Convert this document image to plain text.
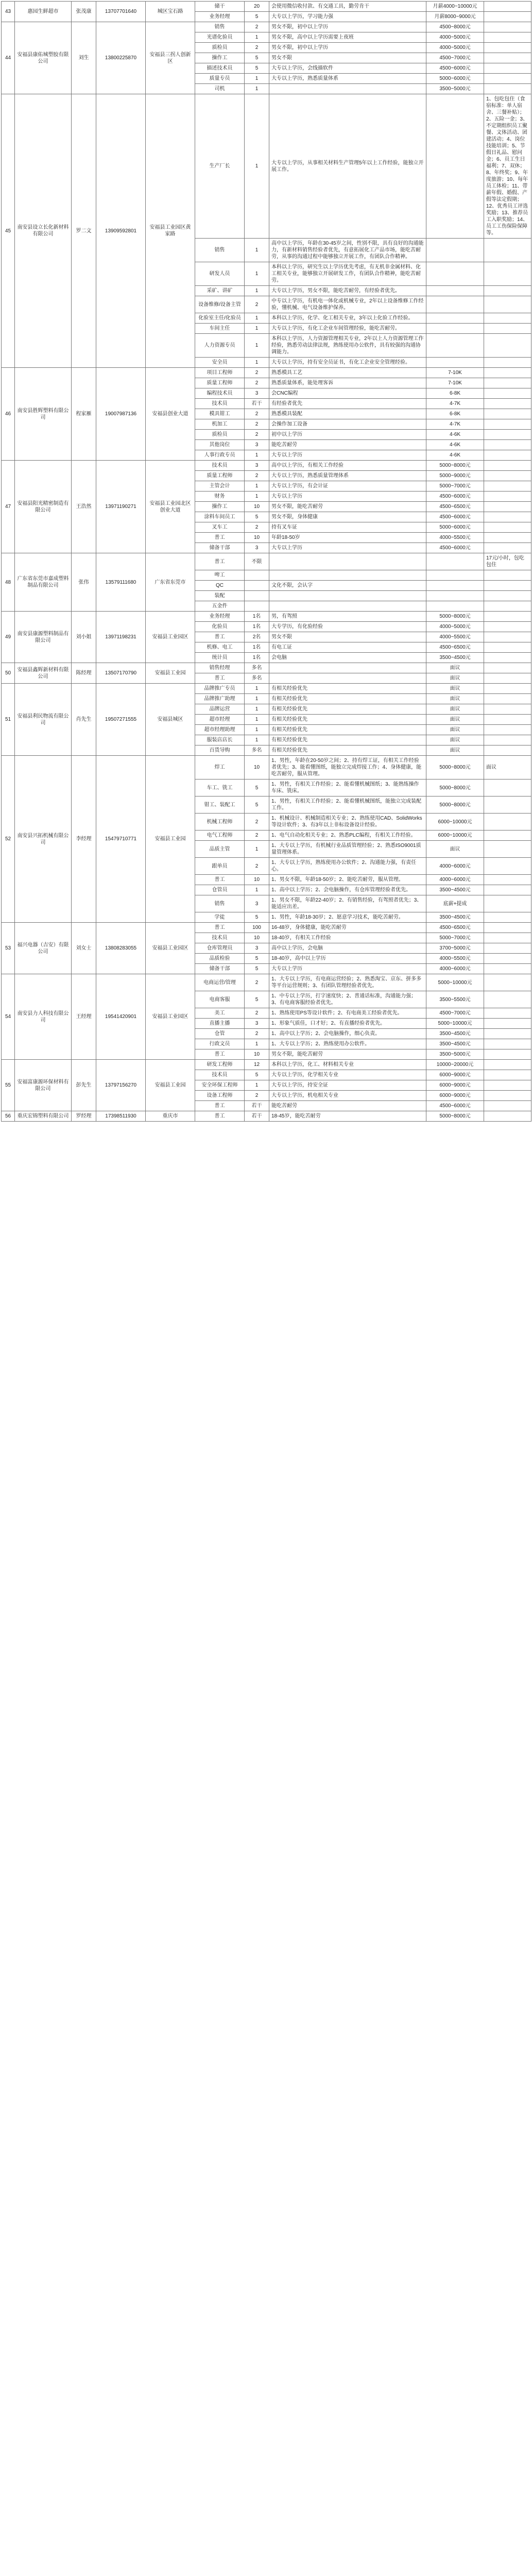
43	惠园生鲜超市	张茂康	13707701640	城区宝石路	储干	20	会使用微信收付款、有交通工具，勤劳肯干	月薪4000~10000元	
					业务经理	5	大专以上学历，学习能力强	月薪8000~9000元	
44	安福县康佑城塑胶有限公司	刘生	13800225870	安福县三拐人创新区	销售	2	男女不限，初中以上学历	4500~8000元	
					光谱化验员	1	男女不限，高中以上学历需要上夜班	4000~5000元	
					质检员	2	男女不限，初中以上学历	4000~5000元	
					操作工	5	男女不限	4500~7000元	
					描述技术员	5	大专以上学历，会线描软件	4500~6000元	
					质量专员	1	大专以上学历，熟悉质量体系	5000~6000元	
					司机	1		3500~5000元	
45	南安县设立长化新材料有限公司	罗二文	13909592801	安福县工业园区黄家路	生产厂长	1	大专以上学历，从事相关材料生产管理5年以上工作经验，能独立开展工作。		1、包吃包住（食宿标准：单人宿舍、三餐补贴）；2、五险一金；3、不定期组织员工聚餐、文体活动、团建活动；4、岗位技能培训；5、节假日礼品、慰问金；6、员工生日福利；7、双休；8、年终奖；9、年度旅游；10、每年员工体检；11、带薪年假、婚假、产假等法定假期；12、优秀员工评选奖励；13、推荐员工入职奖励；14、员工工伤保险保障等。
					销售	1	高中以上学历，年龄在30-45岁之间，性别不限，具有良好的沟通能力，有新材料销售经验者优先，有意拓展化工产品市场，能吃苦耐劳，从事的沟通过程中能够独立开展工作，有团队合作精神。		
					研发人员	1	本科以上学历，研究生以上学历优先考虑，有无机非金属材料、化工相关专业，能够独立开展研发工作，有团队合作精神，能吃苦耐劳。		
					采矿、讲矿	1	大专以上学历，男女不限，能吃苦耐劳，有经验者优先。		
					设备维修/设备主管	2	中专以上学历，有机电一体化或机械专业，2年以上设备维修工作经验，懂机械、电气设备维护保养。		
					化验室主任/化验员	1	本科以上学历，化学、化工相关专业，3年以上化验工作经验。		
					车间主任	1	大专以上学历，有化工企业车间管理经验，能吃苦耐劳。		
					人力资源专员	1	本科以上学历，人力资源管理相关专业，2年以上人力资源管理工作经验，熟悉劳动法律法规，熟练使用办公软件，具有较强的沟通协调能力。		
					安全员	1	大专以上学历，持有安全员证书，有化工企业安全管理经验。		
46	南安县胜辉塑料有限公司	程家雁	19007987136	安福县创业大道	项目工程师	2	熟悉模具工艺	7-10K	
					质量工程师	2	熟悉质量体系，能处理客诉	7-10K	
					编程技术员	3	会CNC编程	6-8K	
					技术员	若干	有经验者优先	4-7K	
					模具钳工	2	熟悉模具装配	6-8K	
					机加工	2	会操作加工设备	4-7K	
					质检员	2	初中以上学历	4-6K	
					其他岗位	3	能吃苦耐劳	4-6K	
					人事行政专员	1	大专以上学历	4-6K	
47	安福县阳光精密制造有限公司	王浩然	13971190271	安福县工业园北区创业大道	技术员	3	高中以上学历，有相关工作经验	5000~8000元	
					质量工程师	2	大专以上学历，熟悉质量管理体系	5000~9000元	
					主管会计	1	大专以上学历，有会计证	5000~7000元	
					财务	1	大专以上学历	4500~6000元	
					操作工	10	男女不限，能吃苦耐劳	4500~6500元	
					涂料车间员工	5	男女不限，身体健康	4500~6000元	
					叉车工	2	持有叉车证	5000~6000元	
					普工	10	年龄18-50岁	4000~5500元	
					储备干部	3	大专以上学历	4500~6000元	
48	广东省东莞市嘉成塑料制品有限公司	张伟	13579111680	广东省东莞市	普工	不限			17元/小时，包吃包住
					啤工				
					QC		文化不限，会认字		
					装配				
					五金件				
49	南安县康源塑料制品有限公司	刘小姐	13971198231	安福县工业园区	业务经理	1名	男，有驾照	5000~8000元	
					化验员	1名	大专学历，有化验经验	4000~5000元	
					普工	2名	男女不限	4000~5500元	
					机修、电工	1名	有电工证	4500~6500元	
					统计员	1名	会电脑	3500~4500元	
50	安福县鑫辉新材料有限公司	陈经理	13507170790	安福县工业园	销售经理	多名		面议	
					普工	多名		面议	
51	安福县利民物流有限公司	肖先生	19507271555	安福县城区	品牌推广专员	1	有相关经验优先	面议	
					品牌推广助理	1	有相关经验优先	面议	
					品牌运营	1	有相关经验优先	面议	
					超市经理	1	有相关经验优先	面议	
					超市经理助理	1	有相关经验优先	面议	
					服装店店长	1	有相关经验优先	面议	
					百货导购	多名	有相关经验优先	面议	
52	南安县兴拓机械有限公司	李经理	15479710771	安福县工业园	焊工	10	1、男性，年龄在20-50岁之间；2、持有焊工证，有相关工作经验者优先；3、能看懂图纸，能独立完成焊接工作；4、身体健康，能吃苦耐劳，服从管理。	5000~8000元	面议
					车工、铣工	5	1、男性，有相关工作经验；2、能看懂机械图纸；3、能熟练操作车床、铣床。	5000~8000元	
					钳工、装配工	5	1、男性，有相关工作经验；2、能看懂机械图纸，能独立完成装配工作。	5000~8000元	
					机械工程师	2	1、机械设计、机械制造相关专业；2、熟练使用CAD、SolidWorks等设计软件；3、有3年以上非标设备设计经验。	6000~10000元	
					电气工程师	2	1、电气自动化相关专业；2、熟悉PLC编程，有相关工作经验。	6000~10000元	
					品质主管	1	1、大专以上学历，有机械行业品质管理经验；2、熟悉ISO9001质量管理体系。	面议	
					跟单员	2	1、大专以上学历，熟练使用办公软件；2、沟通能力强，有责任心。	4000~6000元	
					普工	10	1、男女不限，年龄18-50岁；2、能吃苦耐劳，服从管理。	4000~6000元	
					仓管员	1	1、高中以上学历；2、会电脑操作，有仓库管理经验者优先。	3500~4500元	
					销售	3	1、男女不限，年龄22-40岁；2、有销售经验，有驾照者优先；3、能适应出差。	底薪+提成	
					学徒	5	1、男性，年龄18-30岁；2、愿意学习技术，能吃苦耐劳。	3500~4500元	
53	福兴电器（吉安）有限公司	刘女士	13808283055	安福县工业园区	普工	100	16-48岁，身体健康，能吃苦耐劳	4500~6500元	
					技术员	10	18-40岁，有相关工作经验	5000~7000元	
					仓库管理员	3	高中以上学历，会电脑	3700~5000元	
					品质检验	5	18-40岁，高中以上学历	4000~5500元	
					储备干部	5	大专以上学历	4000~6000元	
54	南安县力人科技有限公司	王经理	19541420901	安福县工业园区	电商运营/管理	2	1、大专以上学历，有电商运营经验；2、熟悉淘宝、京东、拼多多等平台运营规则；3、有团队管理经验者优先。	5000~10000元	
					电商客服	5	1、中专以上学历，打字速度快；2、普通话标准，沟通能力强；3、有电商客服经验者优先。	3500~5500元	
					美工	2	1、熟练使用PS等设计软件；2、有电商美工经验者优先。	4500~7000元	
					直播主播	3	1、形象气质佳，口才好；2、有直播经验者优先。	5000~10000元	
					仓管	2	1、高中以上学历；2、会电脑操作，细心负责。	3500~4500元	
					行政文员	1	1、大专以上学历；2、熟练使用办公软件。	3500~4500元	
					普工	10	男女不限，能吃苦耐劳	3500~5000元	
55	安福富康源环保材料有限公司	彭先生	13797156270	安福县工业园	研发工程师	12	本科以上学历，化工、材料相关专业	10000~20000元	
					技术员	5	大专以上学历，化学相关专业	6000~9000元	
					安全环保工程师	1	大专以上学历，持安全证	6000~9000元	
					设备工程师	2	大专以上学历，机电相关专业	6000~9000元	
					普工	若干	能吃苦耐劳	4500~6000元	
56	重庆宏锦塑料有限公司	罗经理	17398511930	重庆市	普工	若干	18-45岁，能吃苦耐劳	5000~8000元	
